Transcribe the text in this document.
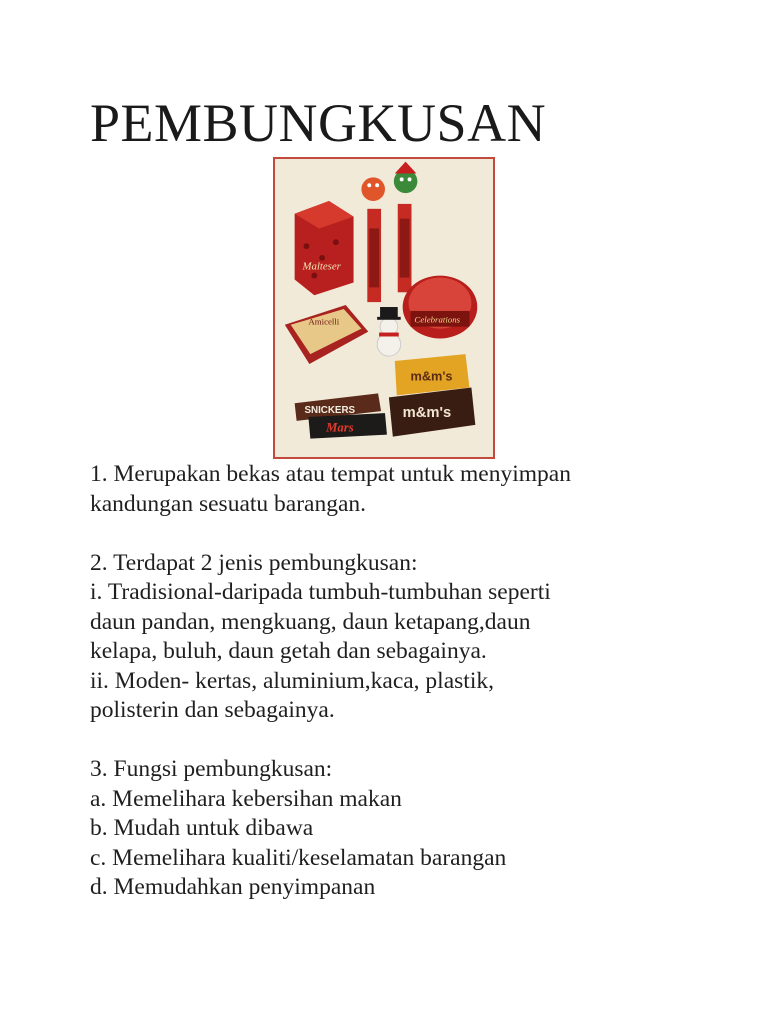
PEMBUNGKUSAN
Malteser
Amicelli	Celebrations
m&m's
SNICKERS
Mars
m&m's

1. Merupakan bekas atau tempat untuk menyimpan

kandungan sesuatu barangan.

2. Terdapat 2 jenis pembungkusan:

i. Tradisional-daripada tumbuh-tumbuhan seperti

daun pandan, mengkuang, daun ketapang,daun

kelapa, buluh, daun getah dan sebagainya.

ii. Moden- kertas, aluminium,kaca, plastik,

polisterin dan sebagainya.

3. Fungsi pembungkusan:

a. Memelihara kebersihan makan

b. Mudah untuk dibawa

c. Memelihara kualiti/keselamatan barangan

d. Memudahkan penyimpanan
